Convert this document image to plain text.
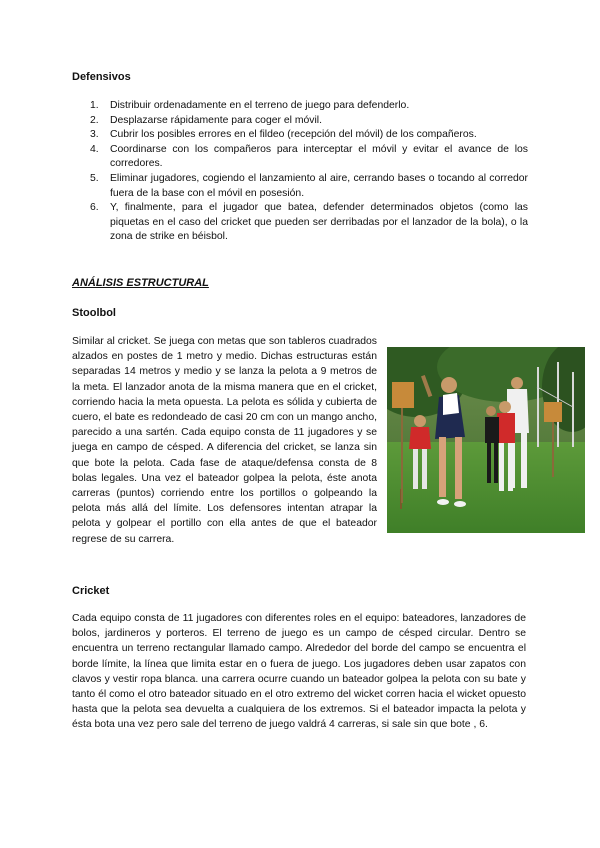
Defensivos
1. Distribuir ordenadamente en el terreno de juego para defenderlo.
2. Desplazarse rápidamente para coger el móvil.
3. Cubrir los posibles errores en el fildeo (recepción del móvil) de los compañeros.
4. Coordinarse con los compañeros para interceptar el móvil y evitar el avance de los corredores.
5. Eliminar jugadores, cogiendo el lanzamiento al aire, cerrando bases o tocando al corredor fuera de la base con el móvil en posesión.
6. Y, finalmente, para el jugador que batea, defender determinados objetos (como las piquetas en el caso del cricket que pueden ser derribadas por el lanzador de la bola), o la zona de strike en béisbol.
ANÁLISIS ESTRUCTURAL
Stoolbol

Similar al cricket. Se juega con metas que son tableros cuadrados alzados en postes de 1 metro y medio. Dichas estructuras están separadas 14 metros y medio y se lanza la pelota a 9 metros de la meta. El lanzador anota de la misma manera que en el cricket, corriendo hacia la meta opuesta. La pelota es sólida y cubierta de cuero, el bate es redondeado de casi 20 cm con un mango ancho, parecido a una sartén. Cada equipo consta de 11 jugadores y se juega en campo de césped. A diferencia del cricket, se lanza sin que bote la pelota. Cada fase de ataque/defensa consta de 8 bolas legales. Una vez el bateador golpea la pelota, éste anota carreras (puntos) corriendo entre los portillos o golpeando la pelota más allá del límite. Los defensores intentan atrapar la pelota y golpear el portillo con ella antes de que el bateador regrese de su carrera.

Cricket

Cada equipo consta de 11 jugadores con diferentes roles en el equipo: bateadores, lanzadores de bolos, jardineros y porteros. El terreno de juego es un campo de césped circular. Dentro se encuentra un terreno rectangular llamado campo. Alrededor del borde del campo se encuentra el borde límite, la línea que limita estar en o fuera de juego. Los jugadores deben usar zapatos con clavos y vestir ropa blanca. una carrera ocurre cuando un bateador golpea la pelota con su bate y tanto él como el otro bateador situado en el otro extremo del wicket corren hacia el wicket opuesto hasta que la pelota sea devuelta a cualquiera de los extremos. Si el bateador impacta la pelota y ésta bota una vez pero sale del terreno de juego valdrá 4 carreras, si sale sin que bote , 6.
